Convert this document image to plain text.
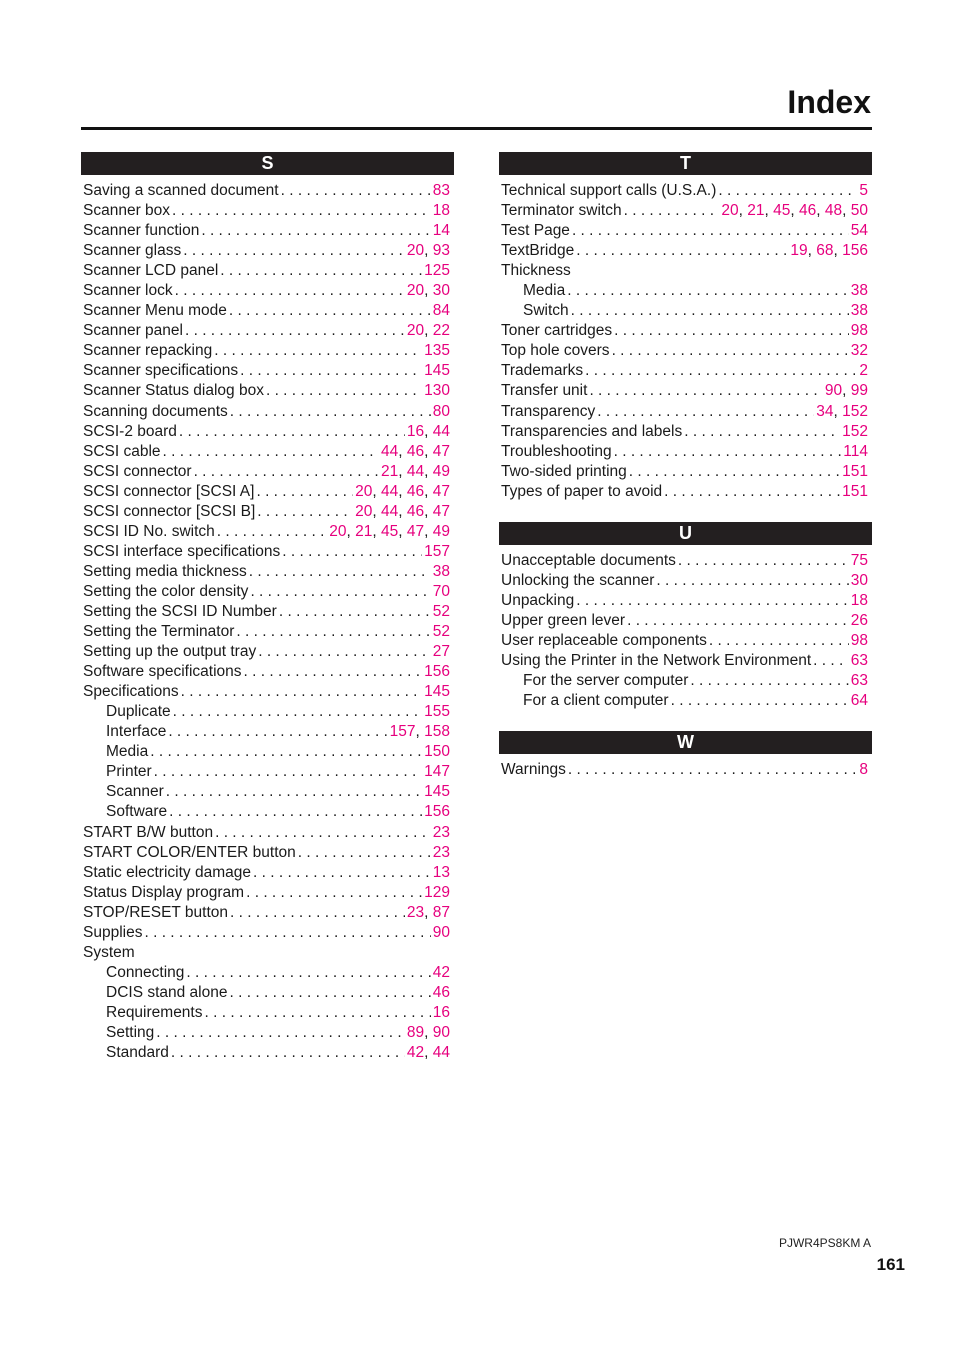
Index
S
Saving a scanned document . . .	83
Scanner box . . .	18
Scanner function . . .	14
Scanner glass . . .	20, 93
Scanner LCD panel . . .	125
Scanner lock . . .	20, 30
Scanner Menu mode . . .	84
Scanner panel . . .	20, 22
Scanner repacking . . .	135
Scanner specifications . . .	145
Scanner Status dialog box . . .	130
Scanning documents . . .	80
SCSI-2 board . . .	16, 44
SCSI cable . . .	44, 46, 47
SCSI connector . . .	21, 44, 49
SCSI connector [SCSI A] . . .	20, 44, 46, 47
SCSI connector [SCSI B] . . .	20, 44, 46, 47
SCSI ID No. switch . . .	20, 21, 45, 47, 49
SCSI interface specifications . . .	157
Setting media thickness . . .	38
Setting the color density . . .	70
Setting the SCSI ID Number . . .	52
Setting the Terminator . . .	52
Setting up the output tray . . .	27
Software specifications . . .	156
Specifications . . .	145
Duplicate . . .	155
Interface . . .	157, 158
Media . . .	150
Printer . . .	147
Scanner . . .	145
Software . . .	156
START B/W button . . .	23
START COLOR/ENTER button . . .	23
Static electricity damage . . .	13
Status Display program . . .	129
STOP/RESET button . . .	23, 87
Supplies . . .	90
System
Connecting . . .	42
DCIS stand alone . . .	46
Requirements . . .	16
Setting . . .	89, 90
Standard . . .	42, 44
T
Technical support calls (U.S.A.) . . .	5
Terminator switch . . .	20, 21, 45, 46, 48, 50
Test Page . . .	54
TextBridge . . .	19, 68, 156
Thickness
Media . . .	38
Switch . . .	38
Toner cartridges . . .	98
Top hole covers . . .	32
Trademarks . . .	2
Transfer unit . . .	90, 99
Transparency . . .	34, 152
Transparencies and labels . . .	152
Troubleshooting . . .	114
Two-sided printing . . .	151
Types of paper to avoid . . .	151
U
Unacceptable documents . . .	75
Unlocking the scanner . . .	30
Unpacking . . .	18
Upper green lever . . .	26
User replaceable components . . .	98
Using the Printer in the Network Environment . . .	63
For the server computer . . .	63
For a client computer . . .	64
W
Warnings . . .	8
PJWR4PS8KM A
161
